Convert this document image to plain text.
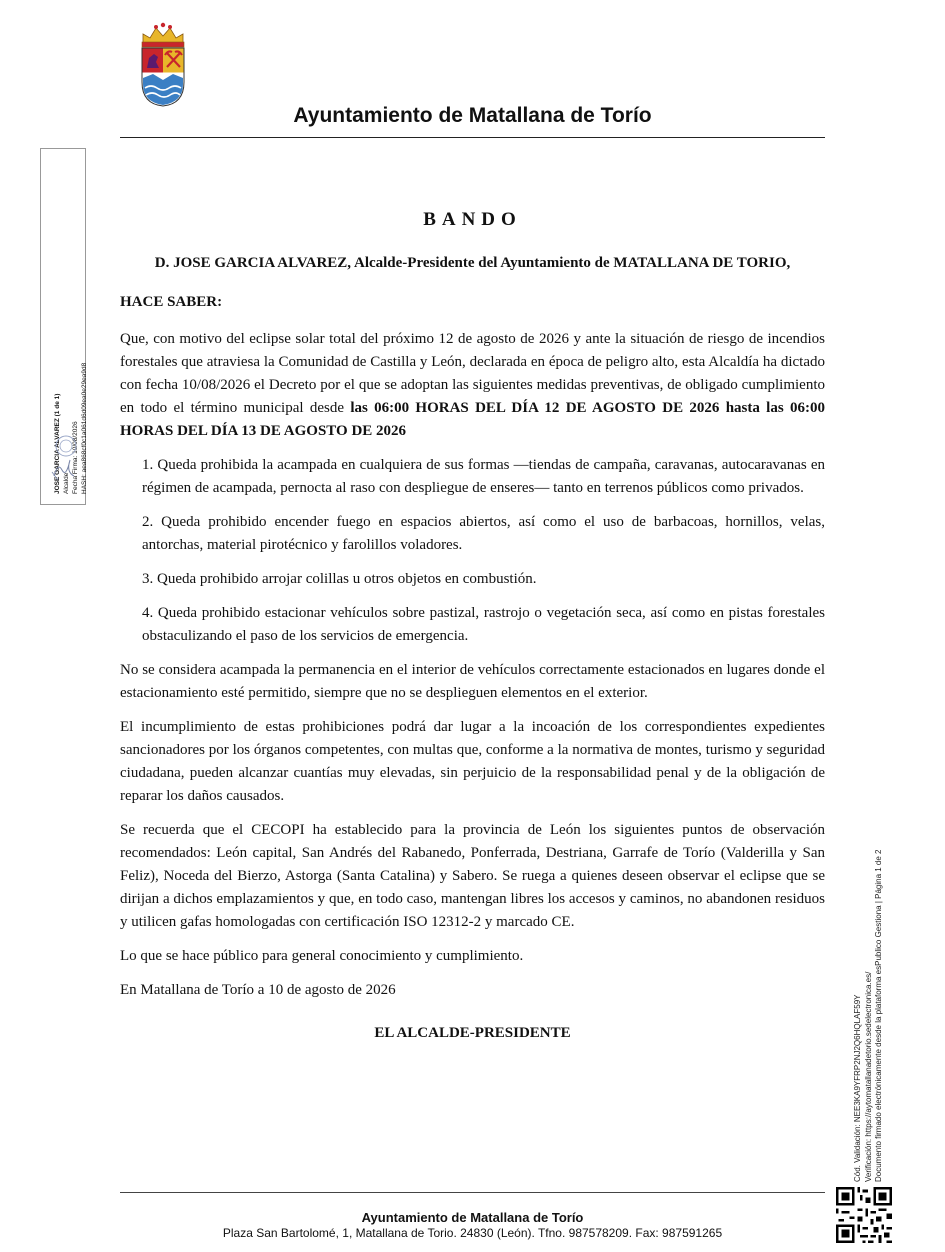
Ayuntamiento de Matallana de Torío
JOSE GARCIA ALVAREZ (1 de 1) Alcalde Fecha Firma: 10/08/2026 HASH: aea868cf0c1a061d6d09ea0e29ea9d8
BANDO
D. JOSE GARCIA ALVAREZ, Alcalde-Presidente del Ayuntamiento de MATALLANA DE TORIO,
HACE SABER:

Que, con motivo del eclipse solar total del próximo 12 de agosto de 2026 y ante la situación de riesgo de incendios forestales que atraviesa la Comunidad de Castilla y León, declarada en época de peligro alto, esta Alcaldía ha dictado con fecha 10/08/2026 el Decreto por el que se adoptan las siguientes medidas preventivas, de obligado cumplimiento en todo el término municipal desde las 06:00 HORAS DEL DÍA 12 DE AGOSTO DE 2026 hasta las 06:00 HORAS DEL DÍA 13 DE AGOSTO DE 2026

1. Queda prohibida la acampada en cualquiera de sus formas —tiendas de campaña, caravanas, autocaravanas en régimen de acampada, pernocta al raso con despliegue de enseres— tanto en terrenos públicos como privados.
2. Queda prohibido encender fuego en espacios abiertos, así como el uso de barbacoas, hornillos, velas, antorchas, material pirotécnico y farolillos voladores.
3. Queda prohibido arrojar colillas u otros objetos en combustión.
4. Queda prohibido estacionar vehículos sobre pastizal, rastrojo o vegetación seca, así como en pistas forestales obstaculizando el paso de los servicios de emergencia.

No se considera acampada la permanencia en el interior de vehículos correctamente estacionados en lugares donde el estacionamiento esté permitido, siempre que no se desplieguen elementos en el exterior.

El incumplimiento de estas prohibiciones podrá dar lugar a la incoación de los correspondientes expedientes sancionadores por los órganos competentes, con multas que, conforme a la normativa de montes, turismo y seguridad ciudadana, pueden alcanzar cuantías muy elevadas, sin perjuicio de la responsabilidad penal y de la obligación de reparar los daños causados.

Se recuerda que el CECOPI ha establecido para la provincia de León los siguientes puntos de observación recomendados: León capital, San Andrés del Rabanedo, Ponferrada, Destriana, Garrafe de Torío (Valderilla y San Feliz), Noceda del Bierzo, Astorga (Santa Catalina) y Sabero. Se ruega a quienes deseen observar el eclipse que se dirijan a dichos emplazamientos y que, en todo caso, mantengan libres los accesos y caminos, no abandonen residuos y utilicen gafas homologadas con certificación ISO 12312-2 y marcado CE.

Lo que se hace público para general conocimiento y cumplimiento.

En Matallana de Torío a 10 de agosto de 2026

EL ALCALDE-PRESIDENTE
Ayuntamiento de Matallana de Torío
Plaza San Bartolomé, 1, Matallana de Torio. 24830 (León). Tfno. 987578209. Fax: 987591265
Cód. Validación: NEE3KA9YFRP2NJ2Q6HQLAF59Y Verificación: https://aytomatallanadetorio.sedelectronica.es/ Documento firmado electrónicamente desde la plataforma esPublico Gestiona | Página 1 de 2
